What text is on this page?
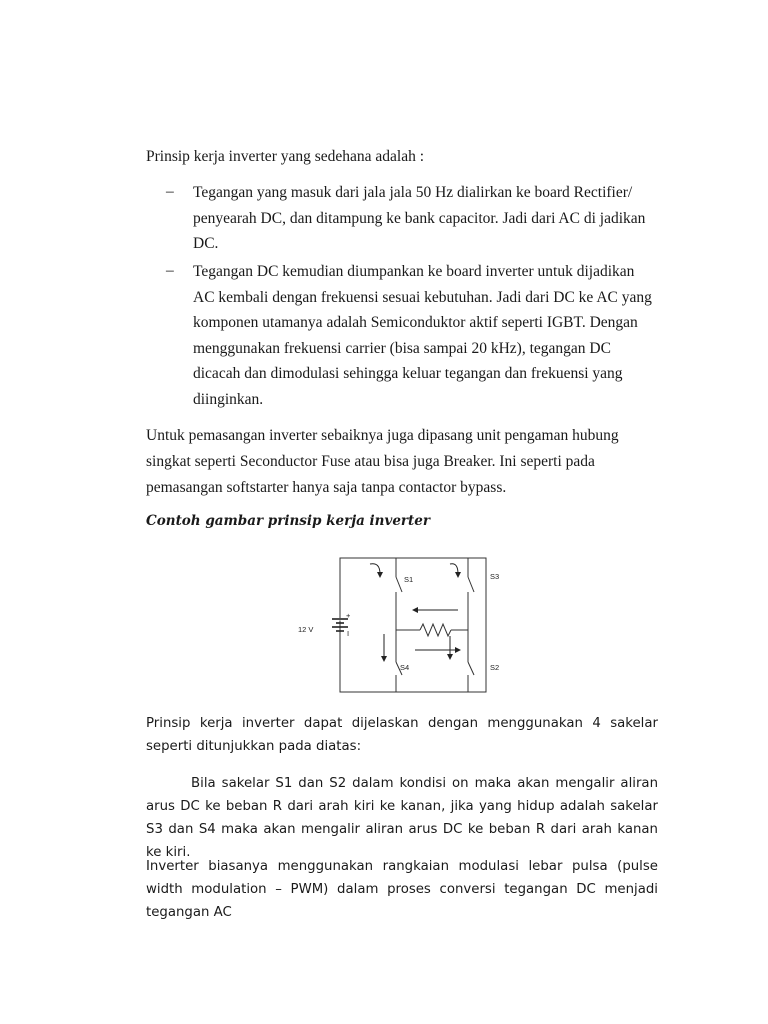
Prinsip kerja inverter yang sedehana adalah :

– Tegangan yang masuk dari jala jala 50 Hz dialirkan ke board Rectifier/
penyearah DC, dan ditampung ke bank capacitor. Jadi dari AC di jadikan
DC.
– Tegangan DC kemudian diumpankan ke board inverter untuk dijadikan
AC kembali dengan frekuensi sesuai kebutuhan. Jadi dari DC ke AC yang
komponen utamanya adalah Semiconduktor aktif seperti IGBT. Dengan
menggunakan frekuensi carrier (bisa sampai 20 kHz), tegangan DC
dicacah dan dimodulasi sehingga keluar tegangan dan frekuensi yang
diinginkan.
Untuk pemasangan inverter sebaiknya juga dipasang unit pengaman hubung
singkat seperti Seconductor Fuse atau bisa juga Breaker. Ini seperti pada
pemasangan softstarter hanya saja tanpa contactor bypass.

Contoh gambar prinsip kerja inverter

12 V
+
I
S1	S3
S4	S2

Prinsip kerja inverter dapat dijelaskan dengan menggunakan 4 sakelar seperti ditunjukkan pada diatas:

Bila sakelar S1 dan S2 dalam kondisi on maka akan mengalir aliran arus DC ke beban R dari arah kiri ke kanan, jika yang hidup adalah sakelar S3 dan S4 maka akan mengalir aliran arus DC ke beban R dari arah kanan ke kiri.

Inverter biasanya menggunakan rangkaian modulasi lebar pulsa (pulse width modulation – PWM) dalam proses conversi tegangan DC menjadi tegangan AC
